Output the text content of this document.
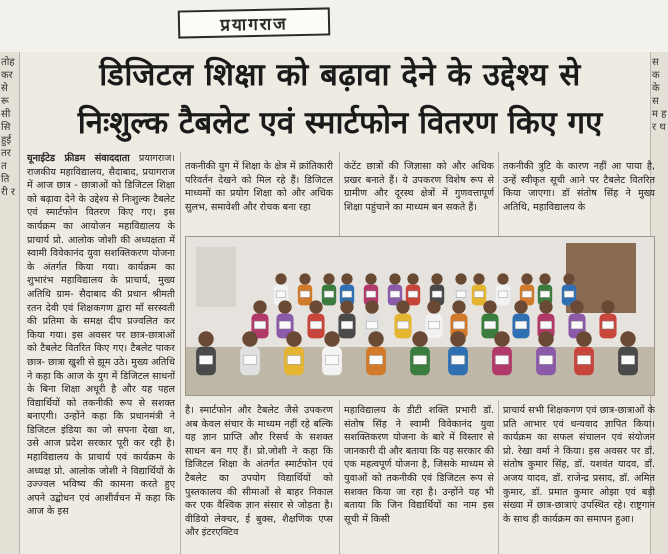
प्रयागराज
तोह कर से रू सी सि हुई तर त ति री र
स क के स म ह र थ
डिजिटल शिक्षा को बढ़ावा देने के उद्देश्य से
निःशुल्क टैबलेट एवं स्मार्टफोन वितरण किए गए
यूनाईटेड फ्रीडम संवाददाता प्रयागराज। राजकीय महाविद्यालय, सैदाबाद, प्रयागराज में आज छात्र - छात्राओं को डिजिटल शिक्षा को बढ़ावा देने के उद्देश्य से निःशुल्क टैबलेट एवं स्मार्टफोन वितरण किए गए। इस कार्यक्रम का आयोजन महाविद्यालय के प्राचार्य प्रो. आलोक जोशी की अध्यक्षता में स्वामी विवेकानंद युवा सशक्तिकरण योजना के अंतर्गत किया गया। कार्यक्रम का शुभारंभ महाविद्यालय के प्राचार्य, मुख्य अतिथि ग्राम- सैदाबाद की प्रधान श्रीमती रतन देवी एवं शिक्षकगण द्वारा माँ सरस्वती की प्रतिमा के समक्ष दीप प्रज्वलित कर किया गया। इस अवसर पर छात्र-छात्राओं को टैबलेट वितरित किए गए। टैबलेट पाकर छात्र- छात्रा खुशी से झूम उठे। मुख्य अतिथि ने कहा कि आज के युग में डिजिटल साधनों के बिना शिक्षा अधूरी है और यह पहल विद्यार्थियों को तकनीकी रूप से सशक्त बनाएगी। उन्होंने कहा कि प्रधानमंत्री ने डिजिटल इंडिया का जो सपना देखा था, उसे आज प्रदेश सरकार पूरी कर रही है। महाविद्यालय के प्राचार्य एवं कार्यक्रम के अध्यक्ष प्रो. आलोक जोशी ने विद्यार्थियों के उज्ज्वल भविष्य की कामना करते हुए अपने उद्बोधन एवं आशीर्वचन में कहा कि आज के इस
तकनीकी युग में शिक्षा के क्षेत्र में क्रांतिकारी परिवर्तन देखने को मिल रहे हैं। डिजिटल माध्यमों का प्रयोग शिक्षा को और अधिक सुलभ, समावेशी और रोचक बना रहा
कंटेंट छात्रों की जिज्ञासा को और अधिक प्रखर बनाते हैं। ये उपकरण विशेष रूप से ग्रामीण और दूरस्थ क्षेत्रों में गुणवत्तापूर्ण शिक्षा पहुंचाने का माध्यम बन सकते हैं।
तकनीकी त्रुटि के कारण नहीं आ पाया है, उन्हें स्वीकृत सूची आने पर टैबलेट वितरित किया जाएगा। डॉ संतोष सिंह ने मुख्य अतिथि, महाविद्यालय के
है। स्मार्टफोन और टैबलेट जैसे उपकरण अब केवल संचार के माध्यम नहीं रहे बल्कि यह ज्ञान प्राप्ति और रिसर्च के सशक्त साधन बन गए हैं। प्रो.जोशी ने कहा कि डिजिटल शिक्षा के अंतर्गत स्मार्टफोन एवं टैबलेट का उपयोग विद्यार्थियों को पुस्तकालय की सीमाओं से बाहर निकाल कर एक वैश्विक ज्ञान संसार से जोड़ता है। वीडियो लेक्चर, ई बुक्स, शैक्षणिक एप्स और इंटरएक्टिव
महाविद्यालय के डीटी शक्ति प्रभारी डॉ. संतोष सिंह ने स्वामी विवेकानंद युवा सशक्तिकरण योजना के बारे में विस्तार से जानकारी दी और बताया कि यह सरकार की एक महत्वपूर्ण योजना है, जिसके माध्यम से युवाओं को तकनीकी एवं डिजिटल रूप से सशक्त किया जा रहा है। उन्होंने यह भी बताया कि जिन विद्यार्थियों का नाम इस सूची में किसी
प्राचार्य सभी शिक्षकगण एवं छात्र-छात्राओं के प्रति आभार एवं धन्यवाद ज्ञापित किया। कार्यक्रम का सफल संचालन एवं संयोजन प्रो. रेखा वर्मा ने किया। इस अवसर पर डॉ. संतोष कुमार सिंह, डॉ. यशवंत यादव, डॉ. अजय यादव, डॉ. राजेन्द्र प्रसाद, डॉ. अमित कुमार, डॉ. प्रमात कुमार ओझा एवं बड़ी संख्या में छात्र-छात्राएं उपस्थित रहे। राष्ट्रगान के साथ ही कार्यक्रम का समापन हुआ।
